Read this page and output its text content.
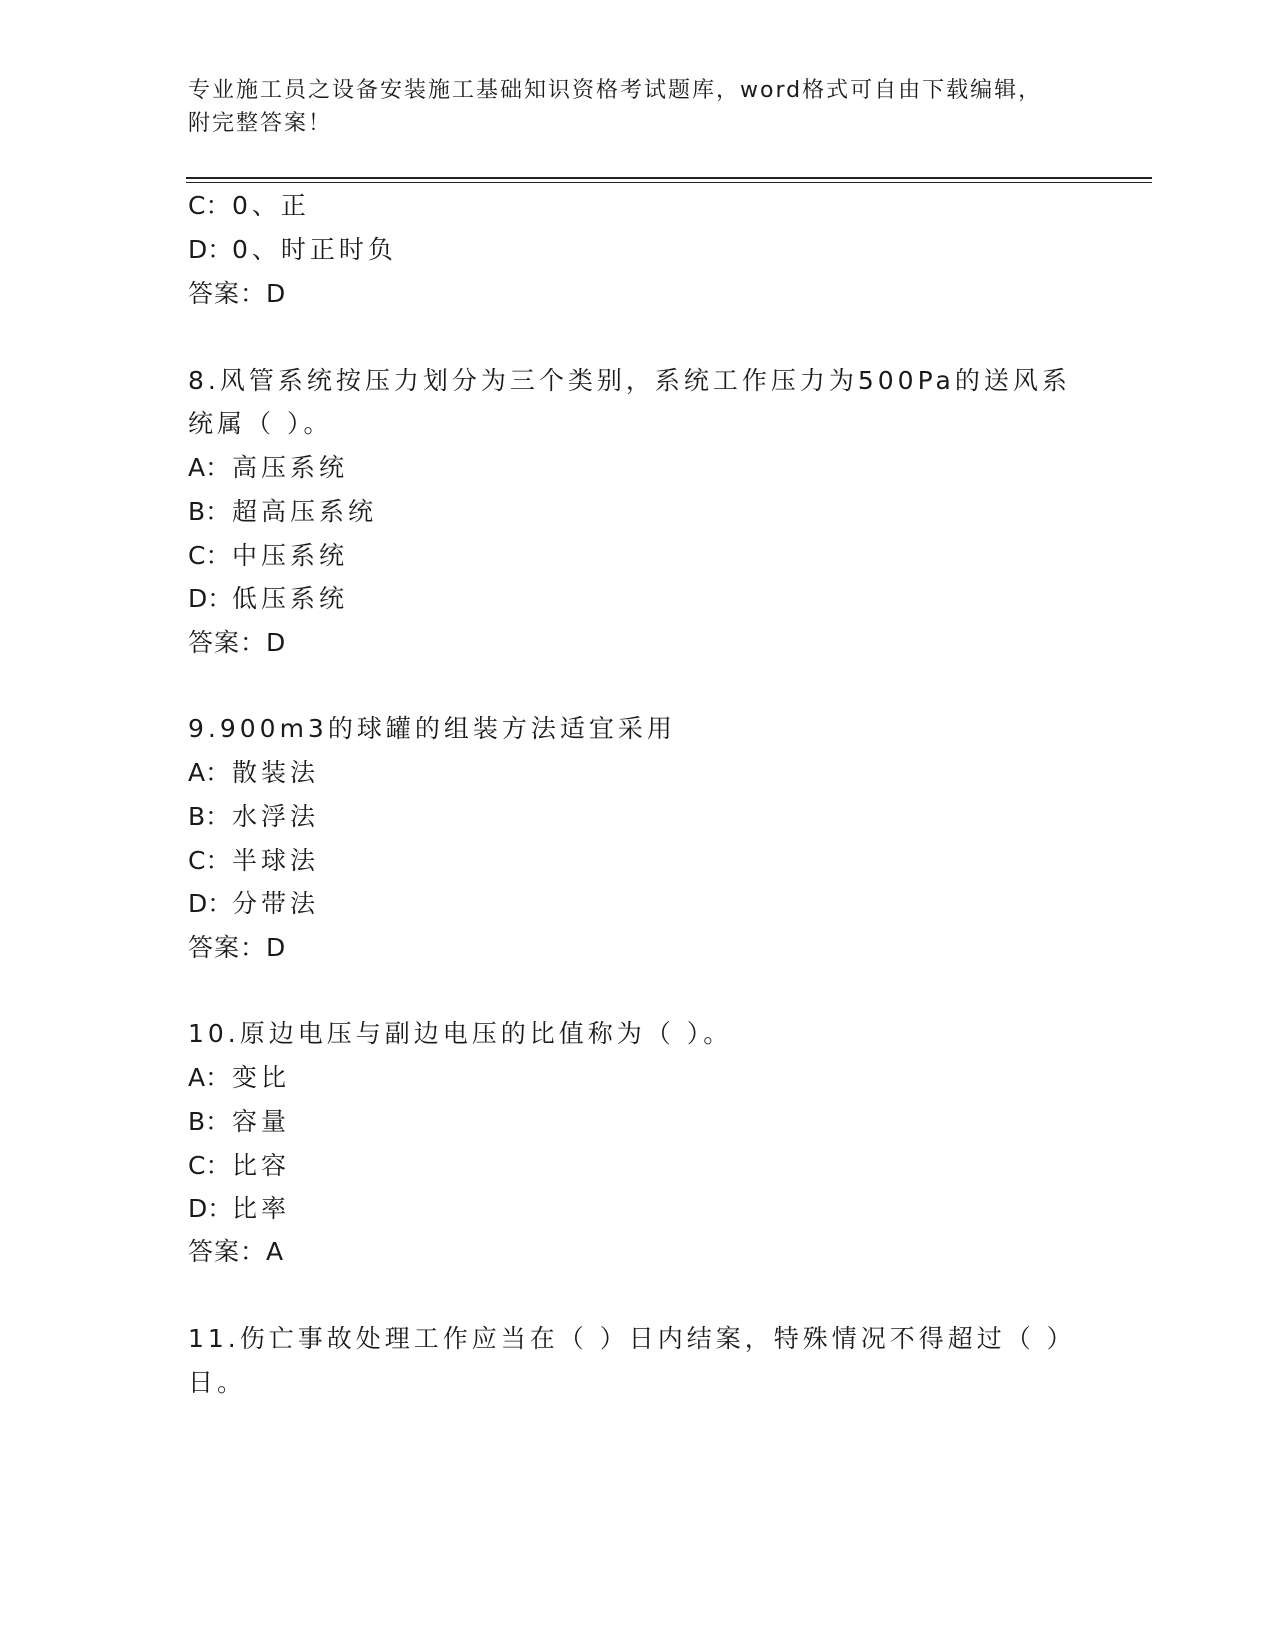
专业施工员之设备安装施工基础知识资格考试题库，word格式可自由下载编辑，
附完整答案！
C：0、正
D：0、时正时负
答案：D
8.风管系统按压力划分为三个类别，系统工作压力为500Pa的送风系
统属（ ）。
A：高压系统
B：超高压系统
C：中压系统
D：低压系统
答案：D
9.900m3的球罐的组装方法适宜采用
A：散装法
B：水浮法
C：半球法
D：分带法
答案：D
10.原边电压与副边电压的比值称为（ ）。
A：变比
B：容量
C：比容
D：比率
答案：A
11.伤亡事故处理工作应当在（ ）日内结案，特殊情况不得超过（ ）
日。
